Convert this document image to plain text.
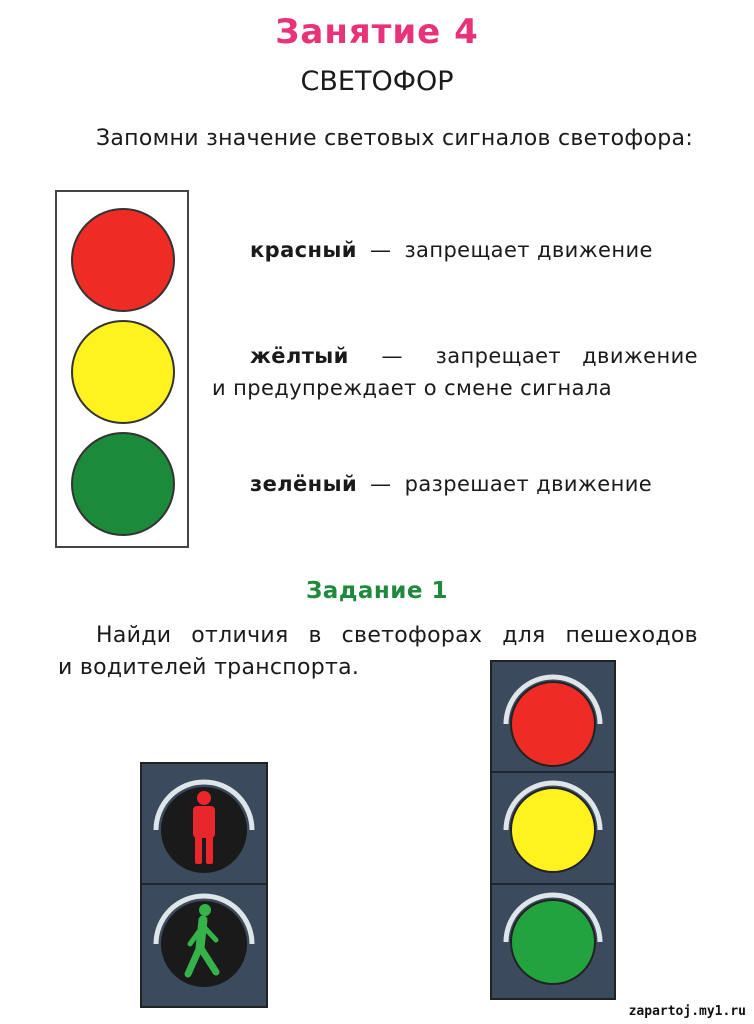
Занятие 4
СВЕТОФОР
Запомни значение световых сигналов светофора:
красный — запрещает движение
жёлтый — запрещает движение
и предупреждает о смене сигнала
зелёный — разрешает движение
Задание 1
Найди отличия в светофорах для пешеходов
и водителей транспорта.
zapartoj.my1.ru
